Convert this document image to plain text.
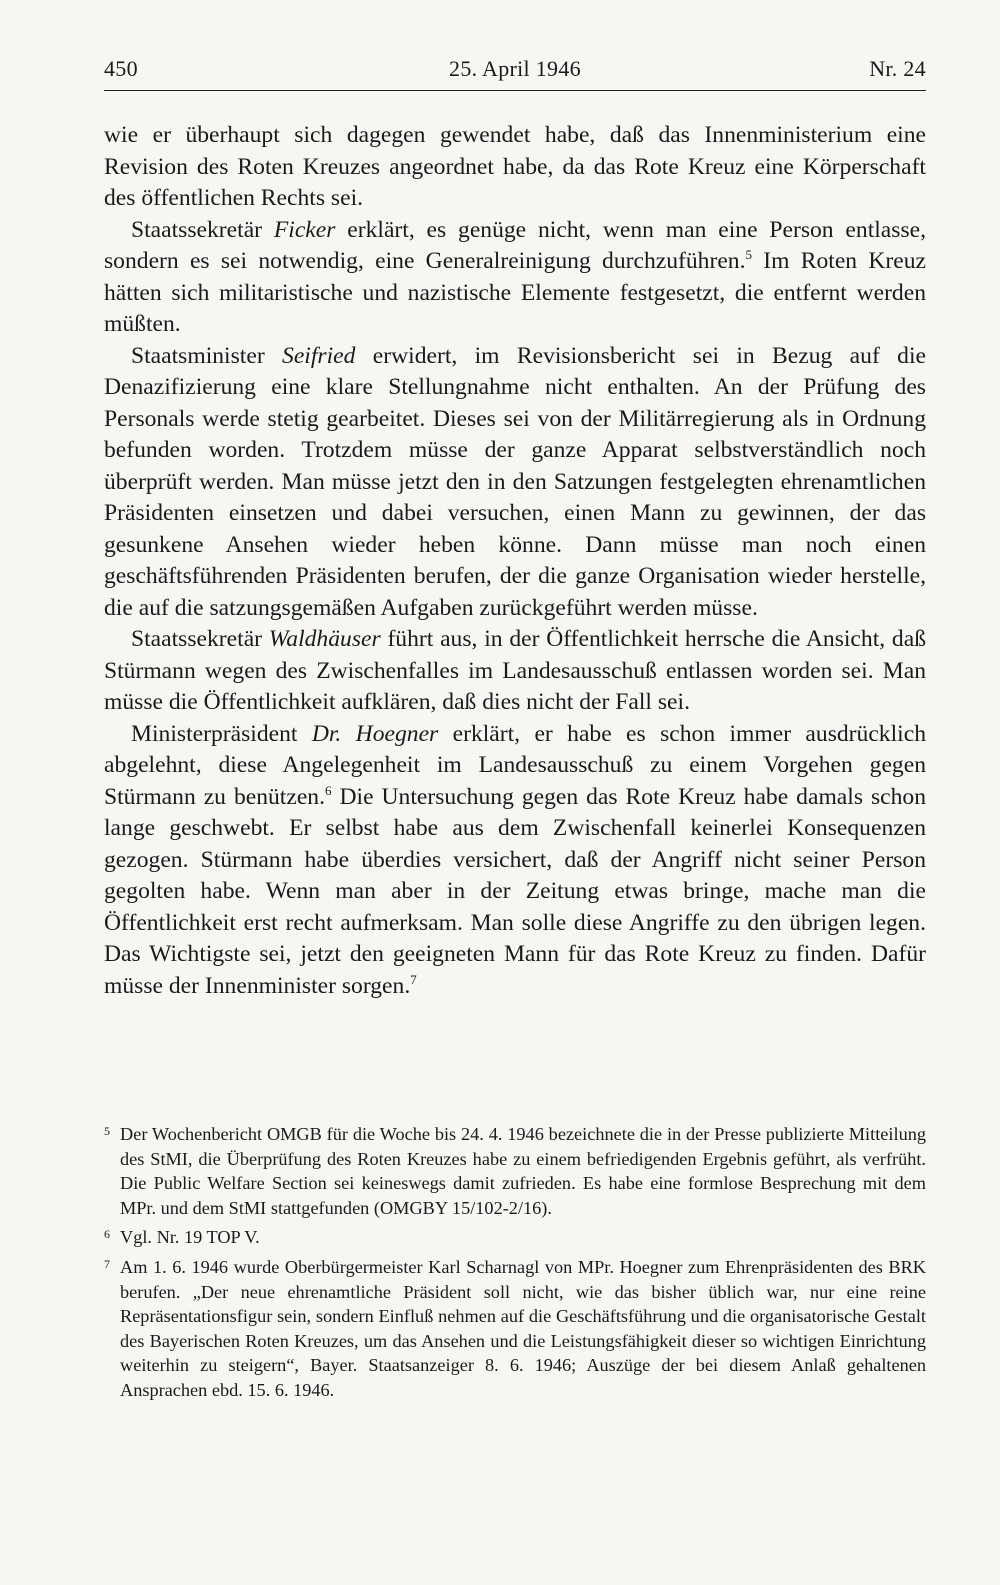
25. April 1946
450	Nr. 24

wie er überhaupt sich dagegen gewendet habe, daß das Innenministerium eine Revision des Roten Kreuzes angeordnet habe, da das Rote Kreuz eine Körperschaft des öffentlichen Rechts sei.

Staatssekretär Ficker erklärt, es genüge nicht, wenn man eine Person entlasse, sondern es sei notwendig, eine Generalreinigung durchzuführen.$^5$ Im Roten Kreuz hätten sich militaristische und nazistische Elemente festgesetzt, die entfernt werden müßten.

Staatsminister Seifried erwidert, im Revisionsbericht sei in Bezug auf die Denazifizierung eine klare Stellungnahme nicht enthalten. An der Prüfung des Personals werde stetig gearbeitet. Dieses sei von der Militärregierung als in Ordnung befunden worden. Trotzdem müsse der ganze Apparat selbstverständlich noch überprüft werden. Man müsse jetzt den in den Satzungen festgelegten ehrenamtlichen Präsidenten einsetzen und dabei versuchen, einen Mann zu gewinnen, der das gesunkene Ansehen wieder heben könne. Dann müsse man noch einen geschäftsführenden Präsidenten berufen, der die ganze Organisation wieder herstelle, die auf die satzungsgemäßen Aufgaben zurückgeführt werden müsse.

Staatssekretär Waldhäuser führt aus, in der Öffentlichkeit herrsche die Ansicht, daß Stürmann wegen des Zwischenfalles im Landesausschuß entlassen worden sei. Man müsse die Öffentlichkeit aufklären, daß dies nicht der Fall sei.

Ministerpräsident Dr. Hoegner erklärt, er habe es schon immer ausdrücklich abgelehnt, diese Angelegenheit im Landesausschuß zu einem Vorgehen gegen Stürmann zu benützen.$^6$ Die Untersuchung gegen das Rote Kreuz habe damals schon lange geschwebt. Er selbst habe aus dem Zwischenfall keinerlei Konsequenzen gezogen. Stürmann habe überdies versichert, daß der Angriff nicht seiner Person gegolten habe. Wenn man aber in der Zeitung etwas bringe, mache man die Öffentlichkeit erst recht aufmerksam. Man solle diese Angriffe zu den übrigen legen. Das Wichtigste sei, jetzt den geeigneten Mann für das Rote Kreuz zu finden. Dafür müsse der Innenminister sorgen.$^7$

5 Der Wochenbericht OMGB für die Woche bis 24. 4. 1946 bezeichnete die in der Presse publizierte Mitteilung des StMI, die Überprüfung des Roten Kreuzes habe zu einem befriedigenden Ergebnis geführt, als verfrüht. Die Public Welfare Section sei keineswegs damit zufrieden. Es habe eine formlose Besprechung mit dem MPr. und dem StMI stattgefunden (OMGBY 15/102-2/16).
6 Vgl. Nr. 19 TOP V.
7 Am 1. 6. 1946 wurde Oberbürgermeister Karl Scharnagl von MPr. Hoegner zum Ehrenpräsidenten des BRK berufen. „Der neue ehrenamtliche Präsident soll nicht, wie das bisher üblich war, nur eine reine Repräsentationsfigur sein, sondern Einfluß nehmen auf die Geschäftsführung und die organisatorische Gestalt des Bayerischen Roten Kreuzes, um das Ansehen und die Leistungsfähigkeit dieser so wichtigen Einrichtung weiterhin zu steigern“, Bayer. Staatsanzeiger 8. 6. 1946; Auszüge der bei diesem Anlaß gehaltenen Ansprachen ebd. 15. 6. 1946.
